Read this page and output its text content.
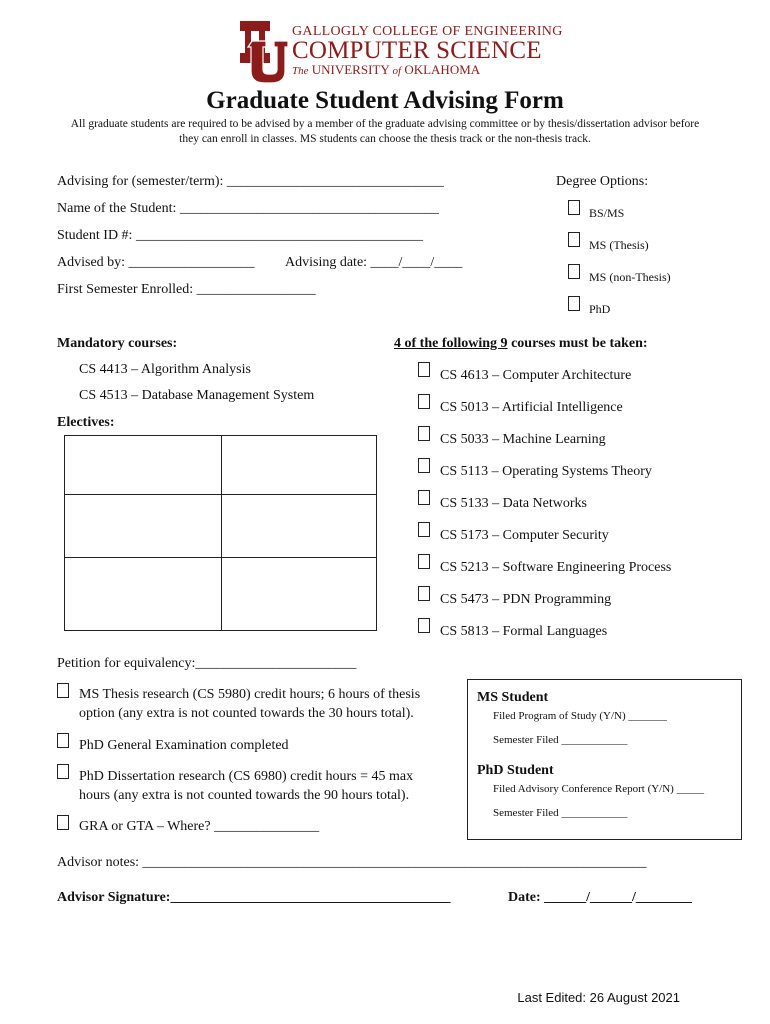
GALLOGLY COLLEGE OF ENGINEERING
COMPUTER SCIENCE
The UNIVERSITY of OKLAHOMA
Graduate Student Advising Form
All graduate students are required to be advised by a member of the graduate advising committee or by thesis/dissertation advisor before they can enroll in classes. MS students can choose the thesis track or the non-thesis track.
Advising for (semester/term): _______________________________
Name of the Student: _____________________________________
Student ID #: _________________________________________
Advised by: __________________ Advising date: ____/____/____
First Semester Enrolled: _________________
Degree Options:
BS/MS
MS (Thesis)
MS (non-Thesis)
PhD
Mandatory courses:
CS 4413 – Algorithm Analysis
CS 4513 – Database Management System
Electives:
4 of the following 9 courses must be taken:
CS 4613 – Computer Architecture
CS 5013 – Artificial Intelligence
CS 5033 – Machine Learning
CS 5113 – Operating Systems Theory
CS 5133 – Data Networks
CS 5173 – Computer Security
CS 5213 – Software Engineering Process
CS 5473 – PDN Programming
CS 5813 – Formal Languages
Petition for equivalency:_______________________
MS Thesis research (CS 5980) credit hours; 6 hours of thesis
option (any extra is not counted towards the 30 hours total).
PhD General Examination completed
PhD Dissertation research (CS 6980) credit hours = 45 max
hours (any extra is not counted towards the 90 hours total).
GRA or GTA – Where? _______________
MS Student
Filed Program of Study (Y/N) _______
Semester Filed ____________
PhD Student
Filed Advisory Conference Report (Y/N) _____
Semester Filed ____________
Advisor notes: ________________________________________________________________________
Advisor Signature:________________________________________	Date: ______/______/________
Last Edited: 26 August 2021
